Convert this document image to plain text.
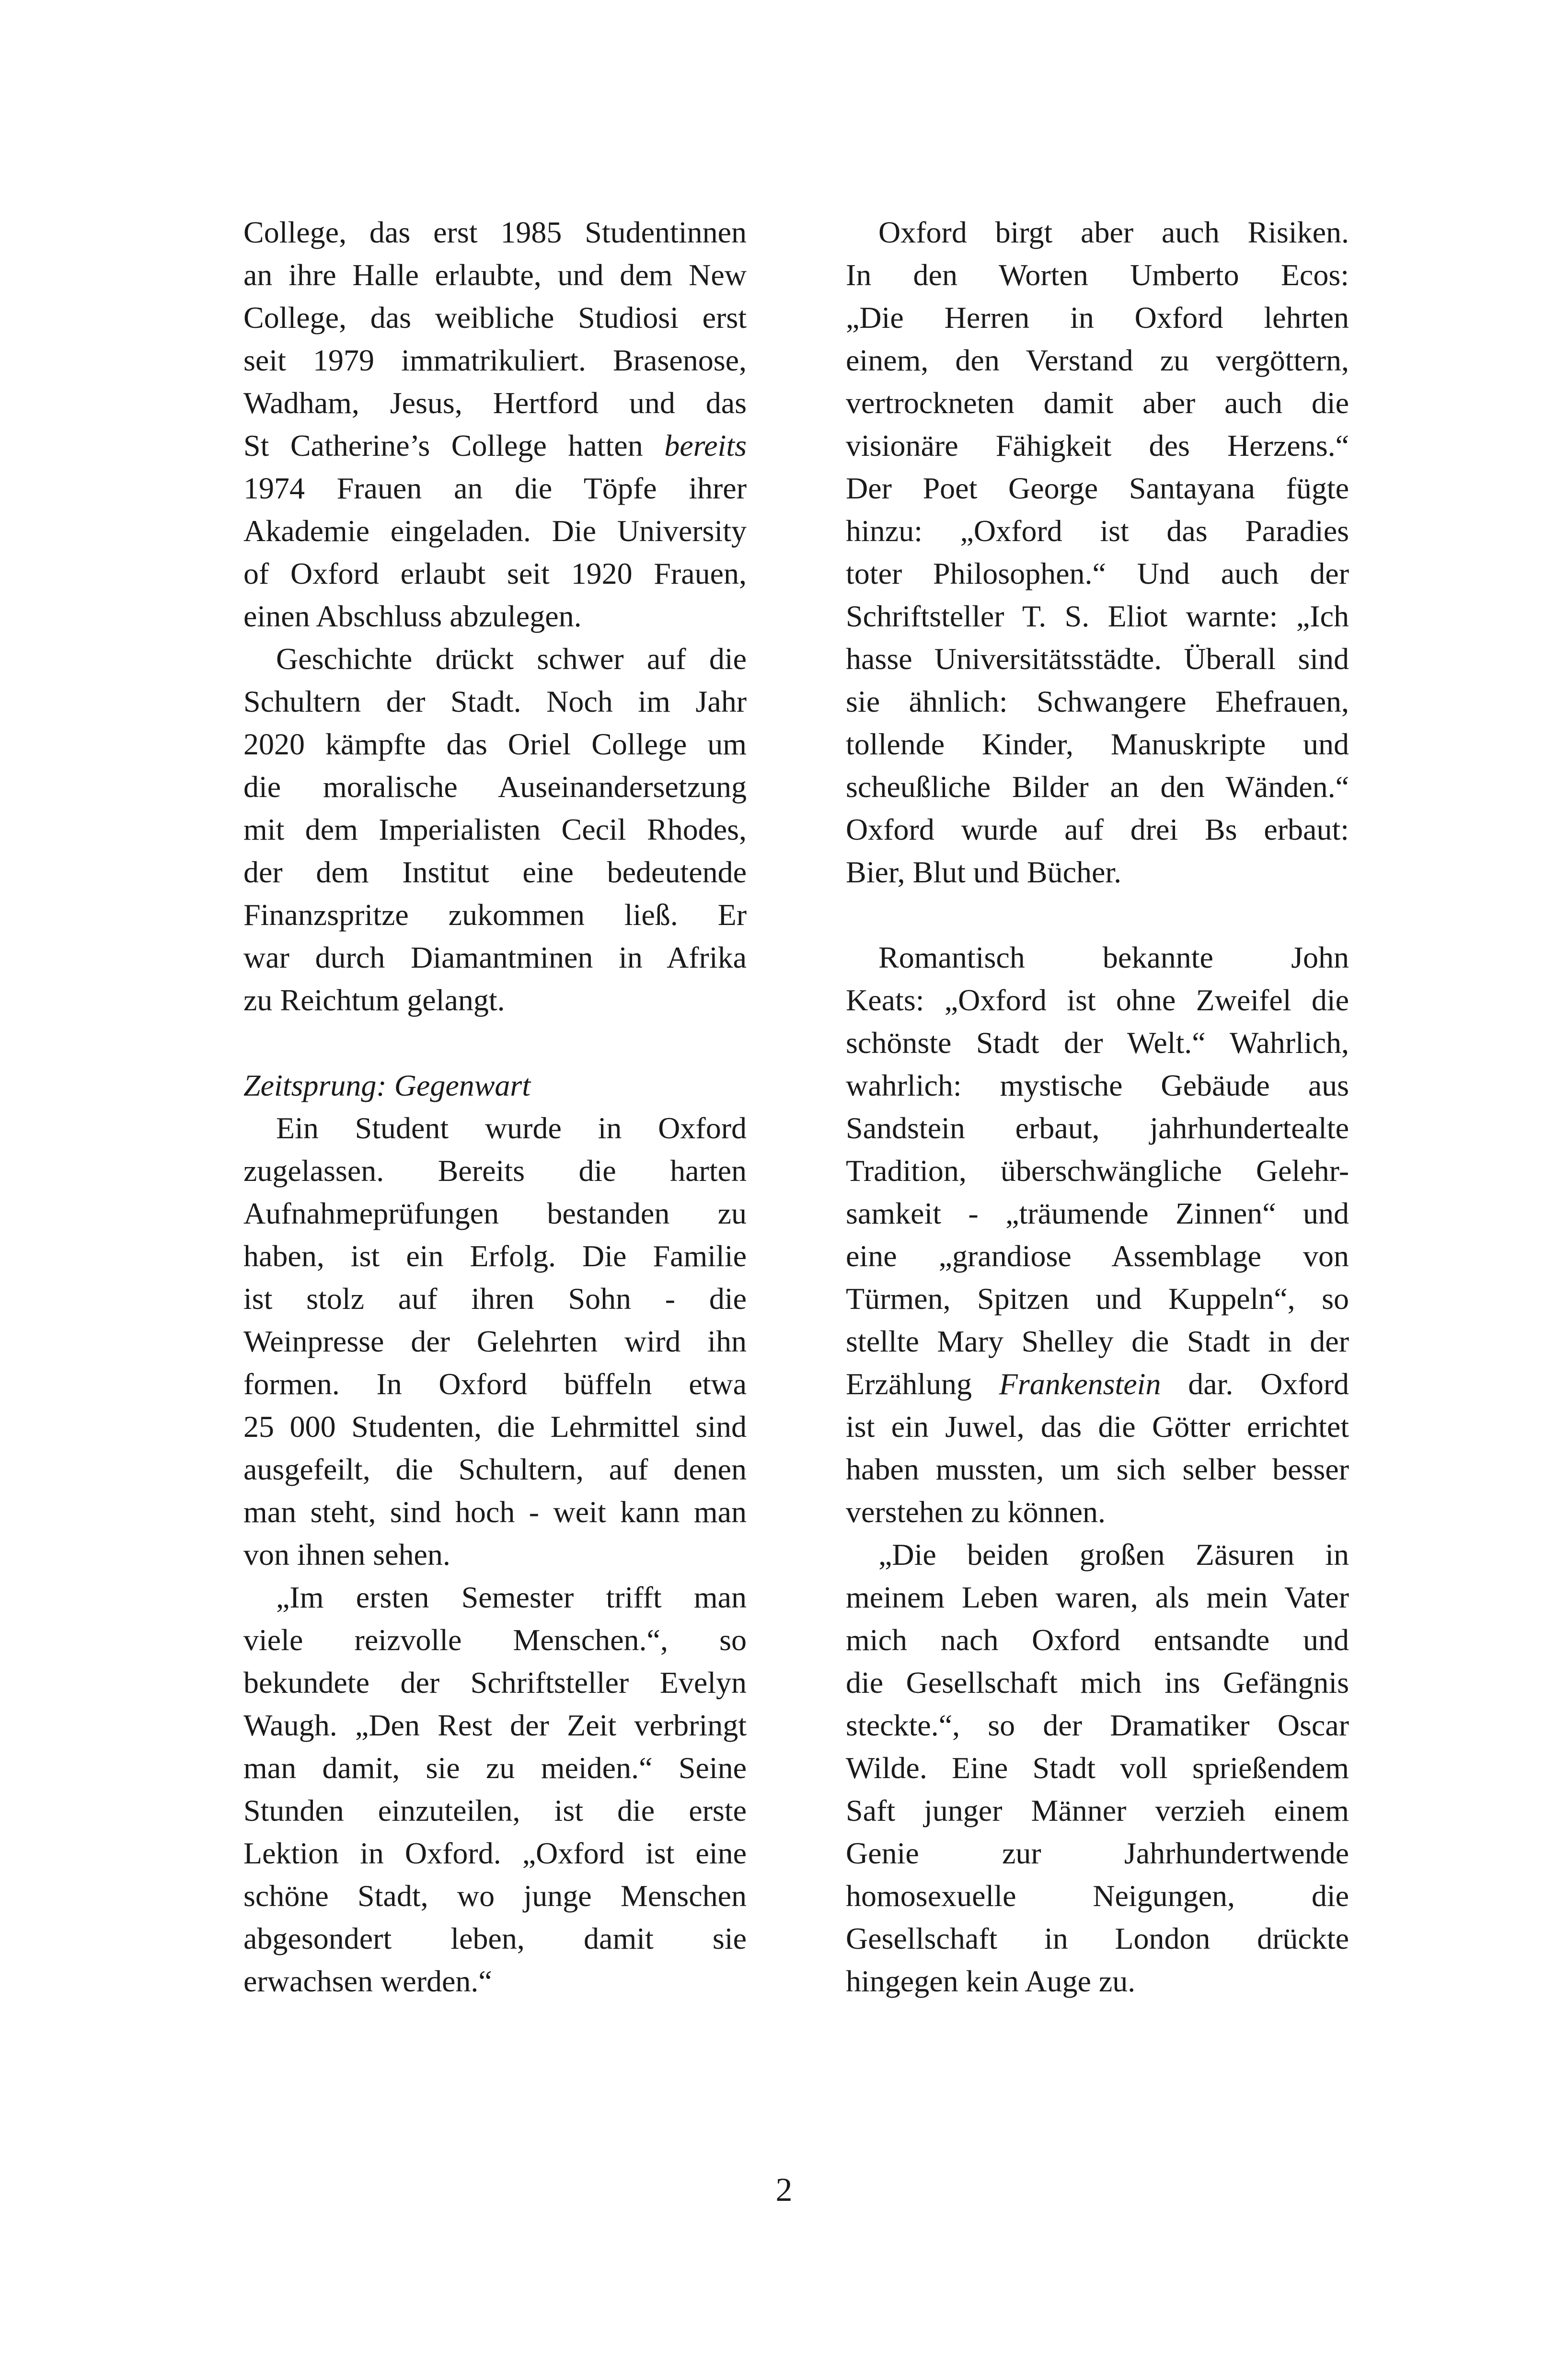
College, das erst 1985 Studentinnen
an ihre Halle erlaubte, und dem New
College, das weibliche Studiosi erst
seit 1979 immatrikuliert. Brasenose,
Wadham, Jesus, Hertford und das
St Catherine’s College hatten bereits
1974 Frauen an die Töpfe ihrer
Akademie eingeladen. Die University
of Oxford erlaubt seit 1920 Frauen,
einen Abschluss abzulegen.
Geschichte drückt schwer auf die
Schultern der Stadt. Noch im Jahr
2020 kämpfte das Oriel College um
die moralische Auseinandersetzung
mit dem Imperialisten Cecil Rhodes,
der dem Institut eine bedeutende
Finanzspritze zukommen ließ. Er
war durch Diamantminen in Afrika
zu Reichtum gelangt.
Zeitsprung: Gegenwart
Ein Student wurde in Oxford
zugelassen. Bereits die harten
Aufnahmeprüfungen bestanden zu
haben, ist ein Erfolg. Die Familie
ist stolz auf ihren Sohn - die
Weinpresse der Gelehrten wird ihn
formen. In Oxford büffeln etwa
25 000 Studenten, die Lehrmittel sind
ausgefeilt, die Schultern, auf denen
man steht, sind hoch - weit kann man
von ihnen sehen.
„Im ersten Semester trifft man
viele reizvolle Menschen.“, so
bekundete der Schriftsteller Evelyn
Waugh. „Den Rest der Zeit verbringt
man damit, sie zu meiden.“ Seine
Stunden einzuteilen, ist die erste
Lektion in Oxford. „Oxford ist eine
schöne Stadt, wo junge Menschen
abgesondert leben, damit sie
erwachsen werden.“
Oxford birgt aber auch Risiken.
In den Worten Umberto Ecos:
„Die Herren in Oxford lehrten
einem, den Verstand zu vergöttern,
vertrockneten damit aber auch die
visionäre Fähigkeit des Herzens.“
Der Poet George Santayana fügte
hinzu: „Oxford ist das Paradies
toter Philosophen.“ Und auch der
Schriftsteller T. S. Eliot warnte: „Ich
hasse Universitätsstädte. Überall sind
sie ähnlich: Schwangere Ehefrauen,
tollende Kinder, Manuskripte und
scheußliche Bilder an den Wänden.“
Oxford wurde auf drei Bs erbaut:
Bier, Blut und Bücher.
Romantisch bekannte John
Keats: „Oxford ist ohne Zweifel die
schönste Stadt der Welt.“ Wahrlich,
wahrlich: mystische Gebäude aus
Sandstein erbaut, jahrhundertealte
Tradition, überschwängliche Gelehr-
samkeit - „träumende Zinnen“ und
eine „grandiose Assemblage von
Türmen, Spitzen und Kuppeln“, so
stellte Mary Shelley die Stadt in der
Erzählung Frankenstein dar. Oxford
ist ein Juwel, das die Götter errichtet
haben mussten, um sich selber besser
verstehen zu können.
„Die beiden großen Zäsuren in
meinem Leben waren, als mein Vater
mich nach Oxford entsandte und
die Gesellschaft mich ins Gefängnis
steckte.“, so der Dramatiker Oscar
Wilde. Eine Stadt voll sprießendem
Saft junger Männer verzieh einem
Genie zur Jahrhundertwende
homosexuelle Neigungen, die
Gesellschaft in London drückte
hingegen kein Auge zu.
2
